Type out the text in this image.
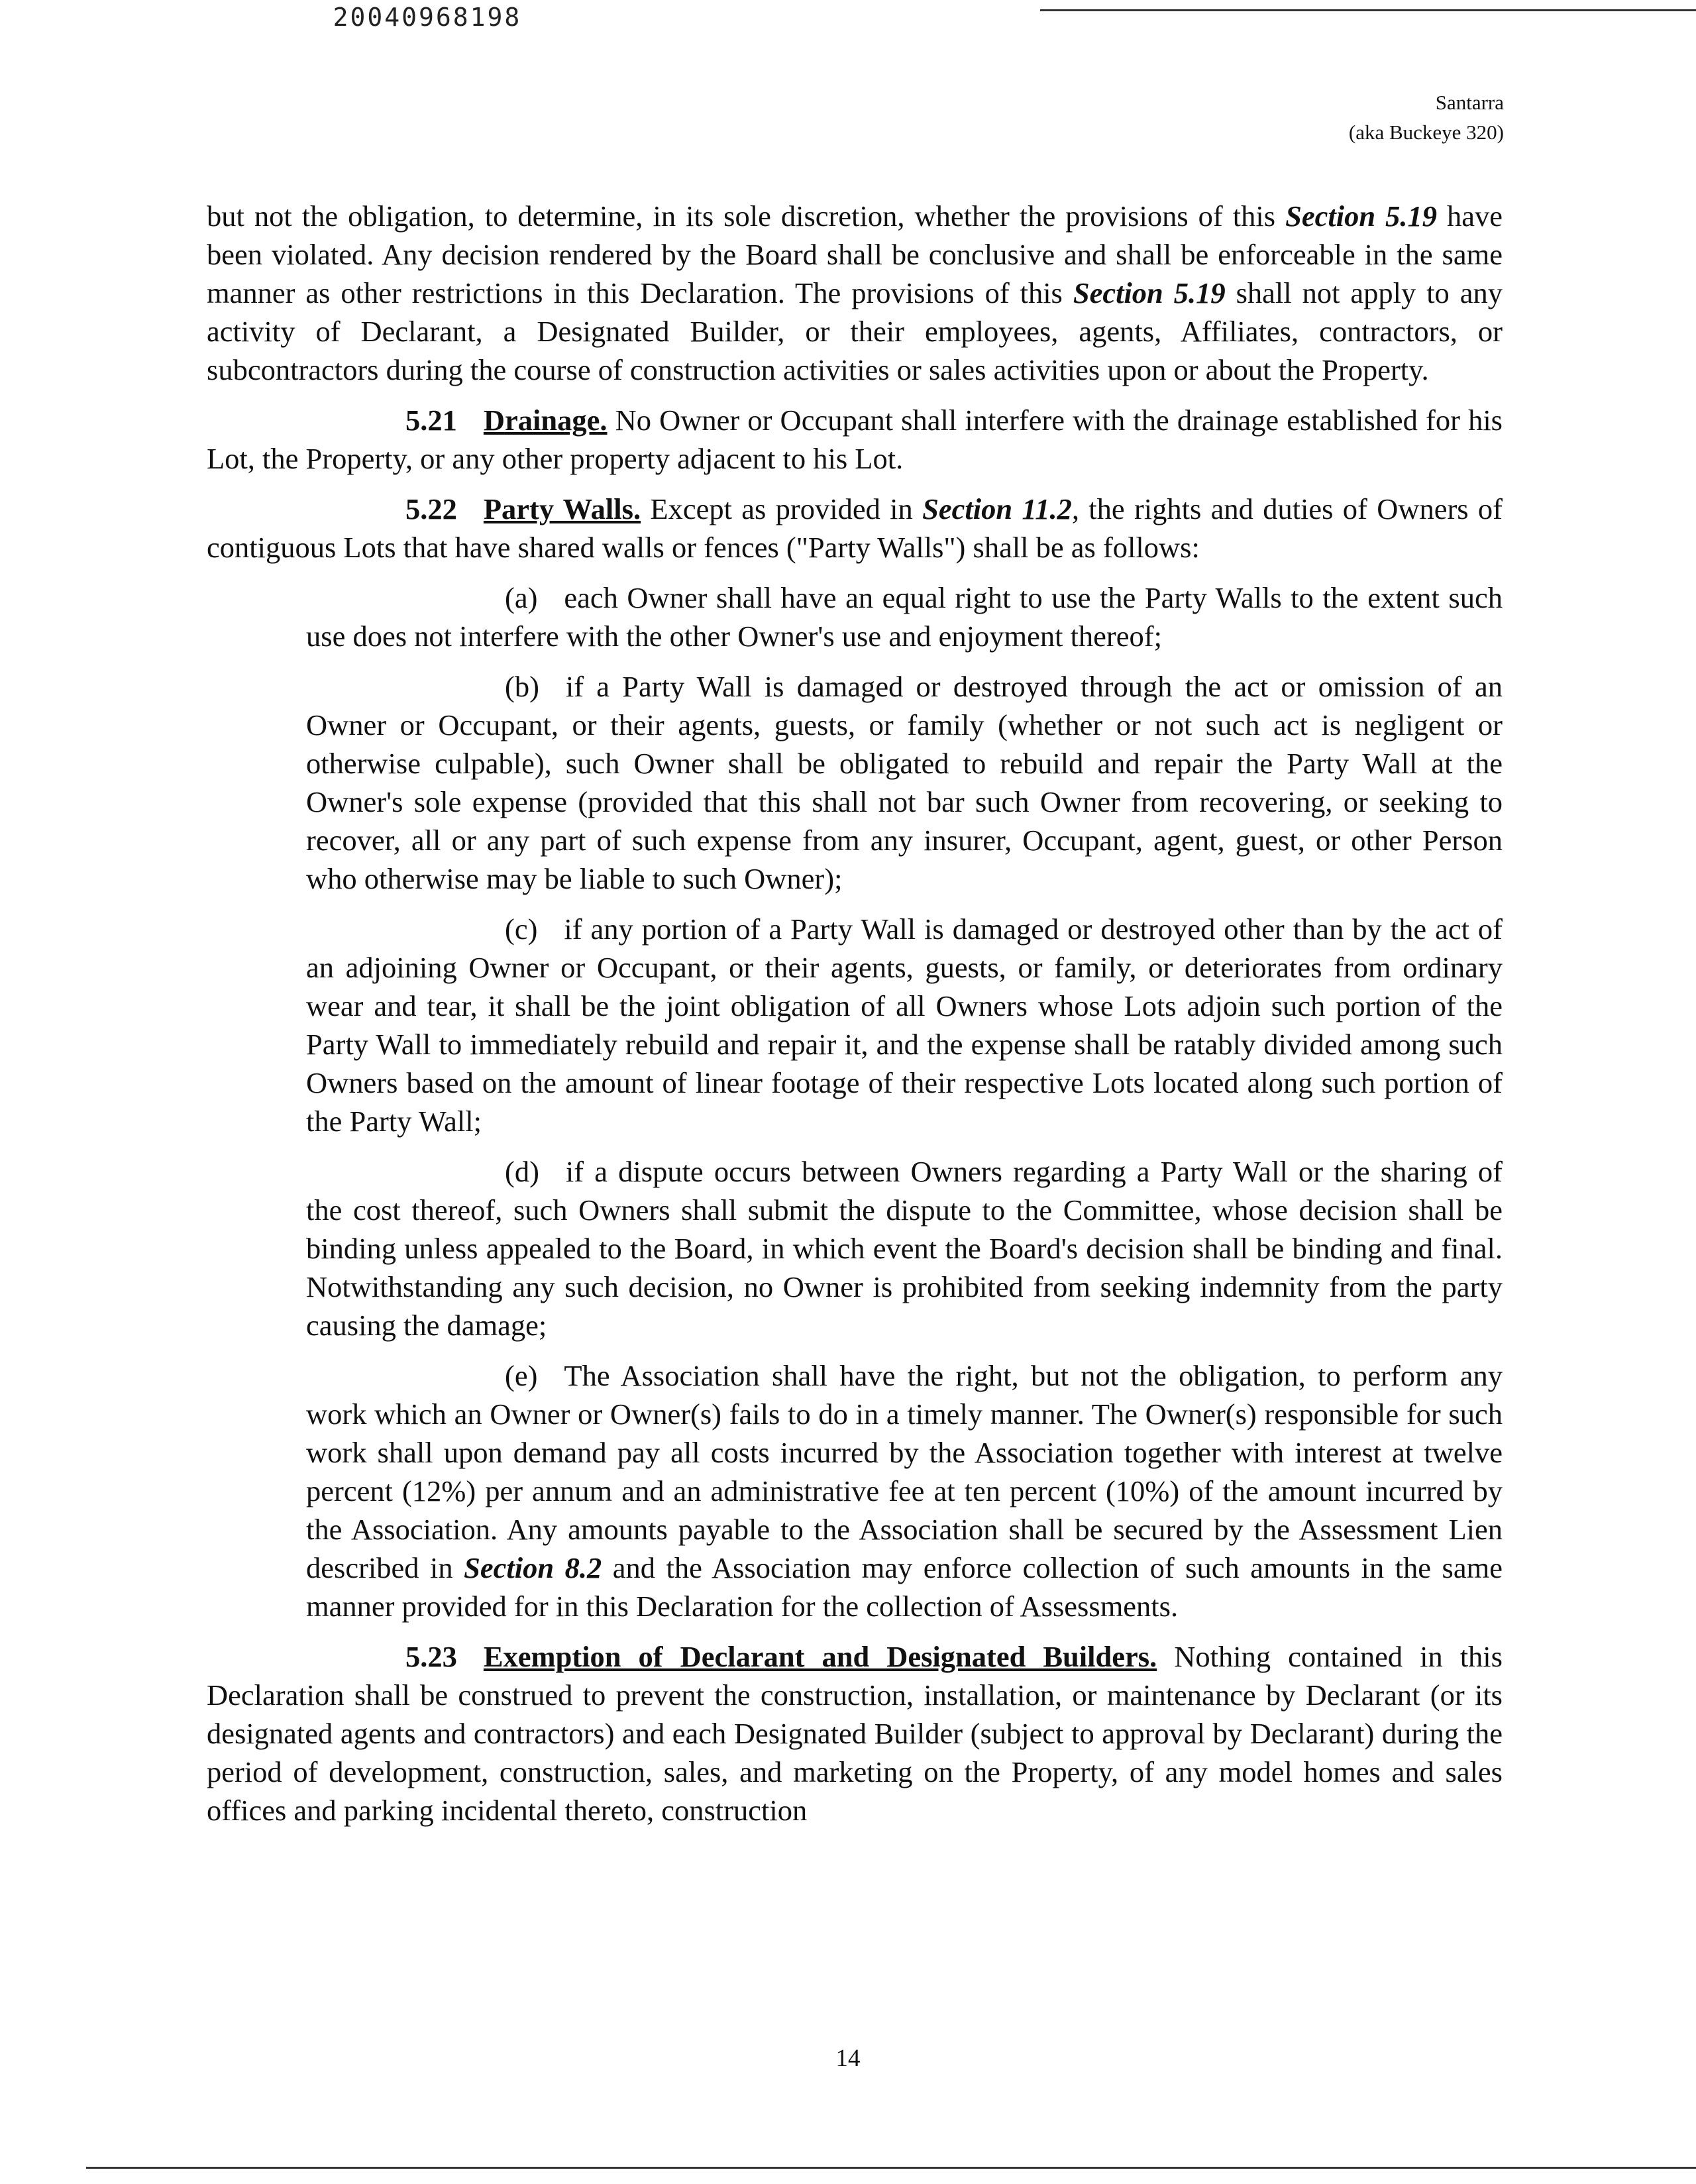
20040968198
Santarra
(aka Buckeye 320)

but not the obligation, to determine, in its sole discretion, whether the provisions of this Section 5.19 have been violated. Any decision rendered by the Board shall be conclusive and shall be enforceable in the same manner as other restrictions in this Declaration. The provisions of this Section 5.19 shall not apply to any activity of Declarant, a Designated Builder, or their employees, agents, Affiliates, contractors, or subcontractors during the course of construction activities or sales activities upon or about the Property.

5.21 Drainage. No Owner or Occupant shall interfere with the drainage established for his Lot, the Property, or any other property adjacent to his Lot.

5.22 Party Walls. Except as provided in Section 11.2, the rights and duties of Owners of contiguous Lots that have shared walls or fences ("Party Walls") shall be as follows:

(a) each Owner shall have an equal right to use the Party Walls to the extent such use does not interfere with the other Owner's use and enjoyment thereof;

(b) if a Party Wall is damaged or destroyed through the act or omission of an Owner or Occupant, or their agents, guests, or family (whether or not such act is negligent or otherwise culpable), such Owner shall be obligated to rebuild and repair the Party Wall at the Owner's sole expense (provided that this shall not bar such Owner from recovering, or seeking to recover, all or any part of such expense from any insurer, Occupant, agent, guest, or other Person who otherwise may be liable to such Owner);

(c) if any portion of a Party Wall is damaged or destroyed other than by the act of an adjoining Owner or Occupant, or their agents, guests, or family, or deteriorates from ordinary wear and tear, it shall be the joint obligation of all Owners whose Lots adjoin such portion of the Party Wall to immediately rebuild and repair it, and the expense shall be ratably divided among such Owners based on the amount of linear footage of their respective Lots located along such portion of the Party Wall;

(d) if a dispute occurs between Owners regarding a Party Wall or the sharing of the cost thereof, such Owners shall submit the dispute to the Committee, whose decision shall be binding unless appealed to the Board, in which event the Board's decision shall be binding and final. Notwithstanding any such decision, no Owner is prohibited from seeking indemnity from the party causing the damage;

(e) The Association shall have the right, but not the obligation, to perform any work which an Owner or Owner(s) fails to do in a timely manner. The Owner(s) responsible for such work shall upon demand pay all costs incurred by the Association together with interest at twelve percent (12%) per annum and an administrative fee at ten percent (10%) of the amount incurred by the Association. Any amounts payable to the Association shall be secured by the Assessment Lien described in Section 8.2 and the Association may enforce collection of such amounts in the same manner provided for in this Declaration for the collection of Assessments.

5.23 Exemption of Declarant and Designated Builders. Nothing contained in this Declaration shall be construed to prevent the construction, installation, or maintenance by Declarant (or its designated agents and contractors) and each Designated Builder (subject to approval by Declarant) during the period of development, construction, sales, and marketing on the Property, of any model homes and sales offices and parking incidental thereto, construction

14
